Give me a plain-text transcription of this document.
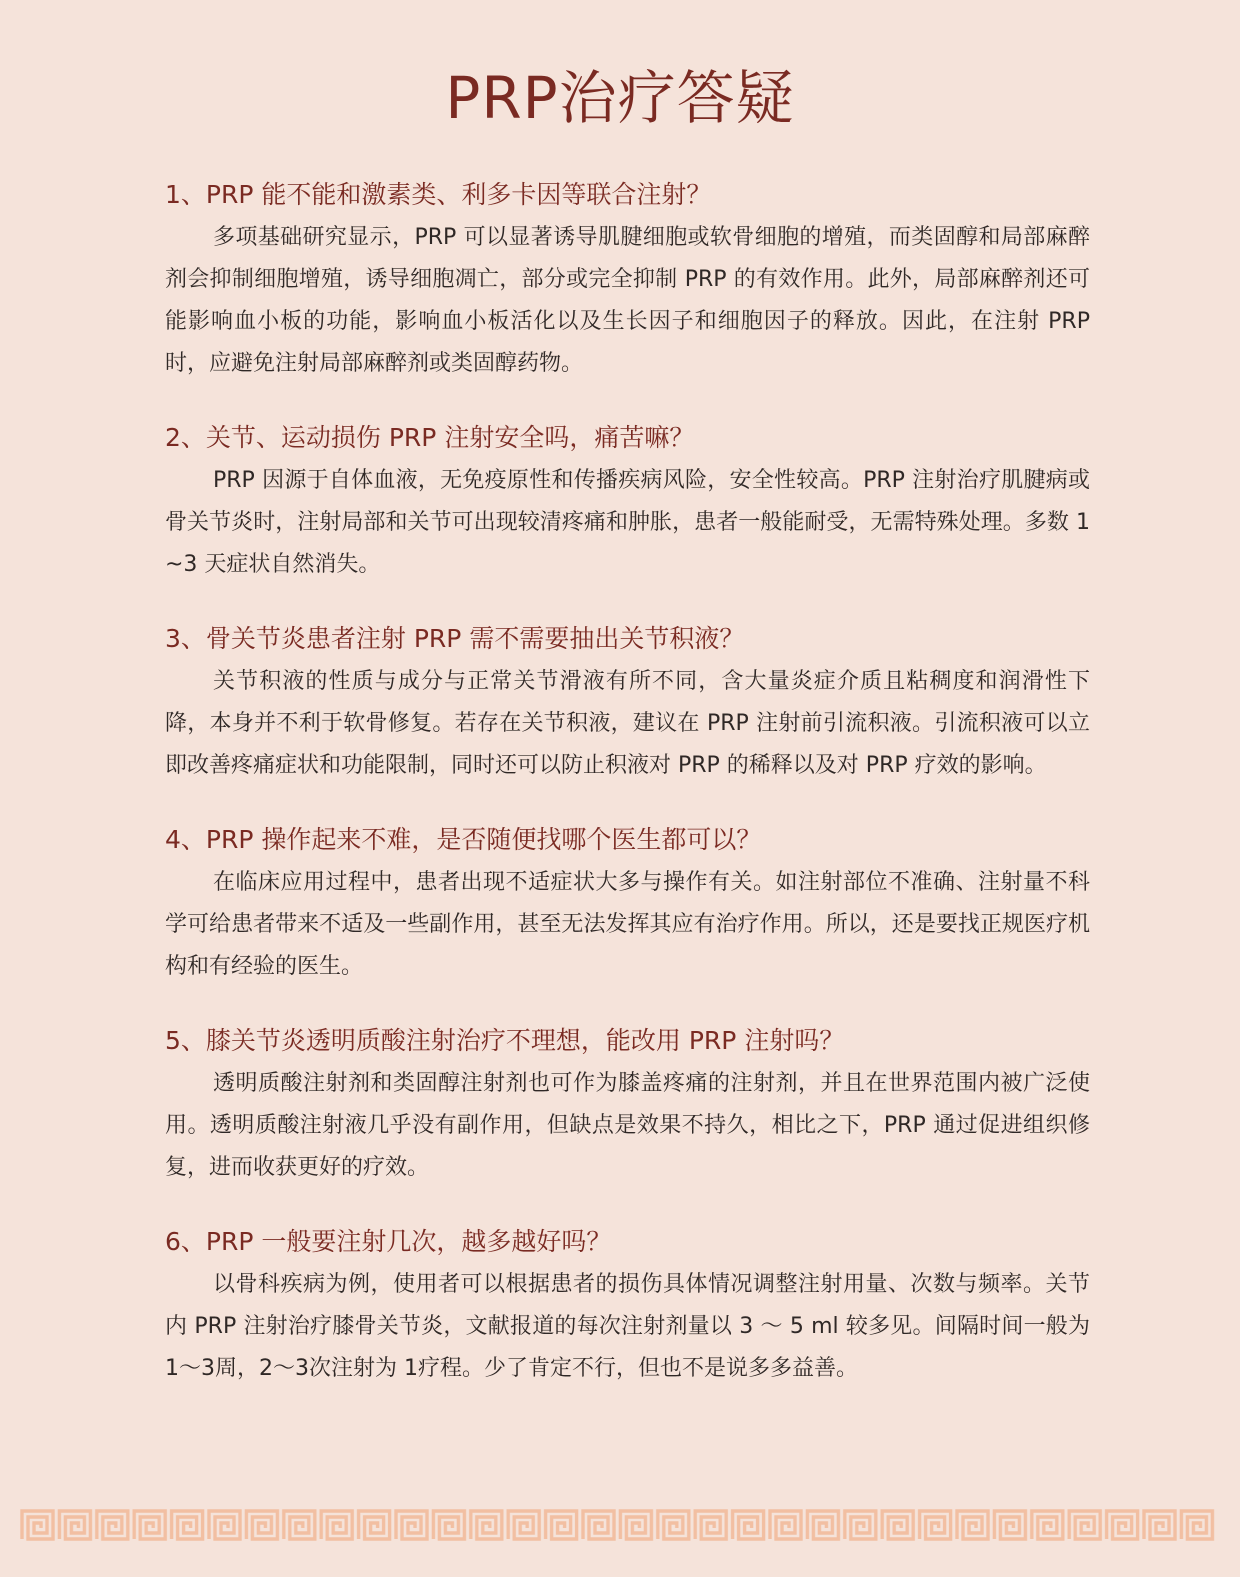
PRP治疗答疑

1、PRP 能不能和激素类、利多卡因等联合注射？

多项基础研究显示，PRP 可以显著诱导肌腱细胞或软骨细胞的增殖，而类固醇和局部麻醉剂会抑制细胞增殖，诱导细胞凋亡，部分或完全抑制 PRP 的有效作用。此外，局部麻醉剂还可能影响血小板的功能，影响血小板活化以及生长因子和细胞因子的释放。因此，在注射 PRP 时，应避免注射局部麻醉剂或类固醇药物。

2、关节、运动损伤 PRP 注射安全吗，痛苦嘛？

PRP 因源于自体血液，无免疫原性和传播疾病风险，安全性较高。PRP 注射治疗肌腱病或骨关节炎时，注射局部和关节可出现较清疼痛和肿胀，患者一般能耐受，无需特殊处理。多数 1~3 天症状自然消失。

3、骨关节炎患者注射 PRP 需不需要抽出关节积液？

关节积液的性质与成分与正常关节滑液有所不同，含大量炎症介质且粘稠度和润滑性下降，本身并不利于软骨修复。若存在关节积液，建议在 PRP 注射前引流积液。引流积液可以立即改善疼痛症状和功能限制，同时还可以防止积液对 PRP 的稀释以及对 PRP 疗效的影响。

4、PRP 操作起来不难，是否随便找哪个医生都可以？

在临床应用过程中，患者出现不适症状大多与操作有关。如注射部位不准确、注射量不科学可给患者带来不适及一些副作用，甚至无法发挥其应有治疗作用。所以，还是要找正规医疗机构和有经验的医生。

5、膝关节炎透明质酸注射治疗不理想，能改用 PRP 注射吗？

透明质酸注射剂和类固醇注射剂也可作为膝盖疼痛的注射剂，并且在世界范围内被广泛使用。透明质酸注射液几乎没有副作用，但缺点是效果不持久，相比之下，PRP 通过促进组织修复，进而收获更好的疗效。

6、PRP 一般要注射几次，越多越好吗？

以骨科疾病为例，使用者可以根据患者的损伤具体情况调整注射用量、次数与频率。关节内 PRP 注射治疗膝骨关节炎，文献报道的每次注射剂量以 3 ～ 5 ml 较多见。间隔时间一般为 1～3周，2～3次注射为 1疗程。少了肯定不行，但也不是说多多益善。
